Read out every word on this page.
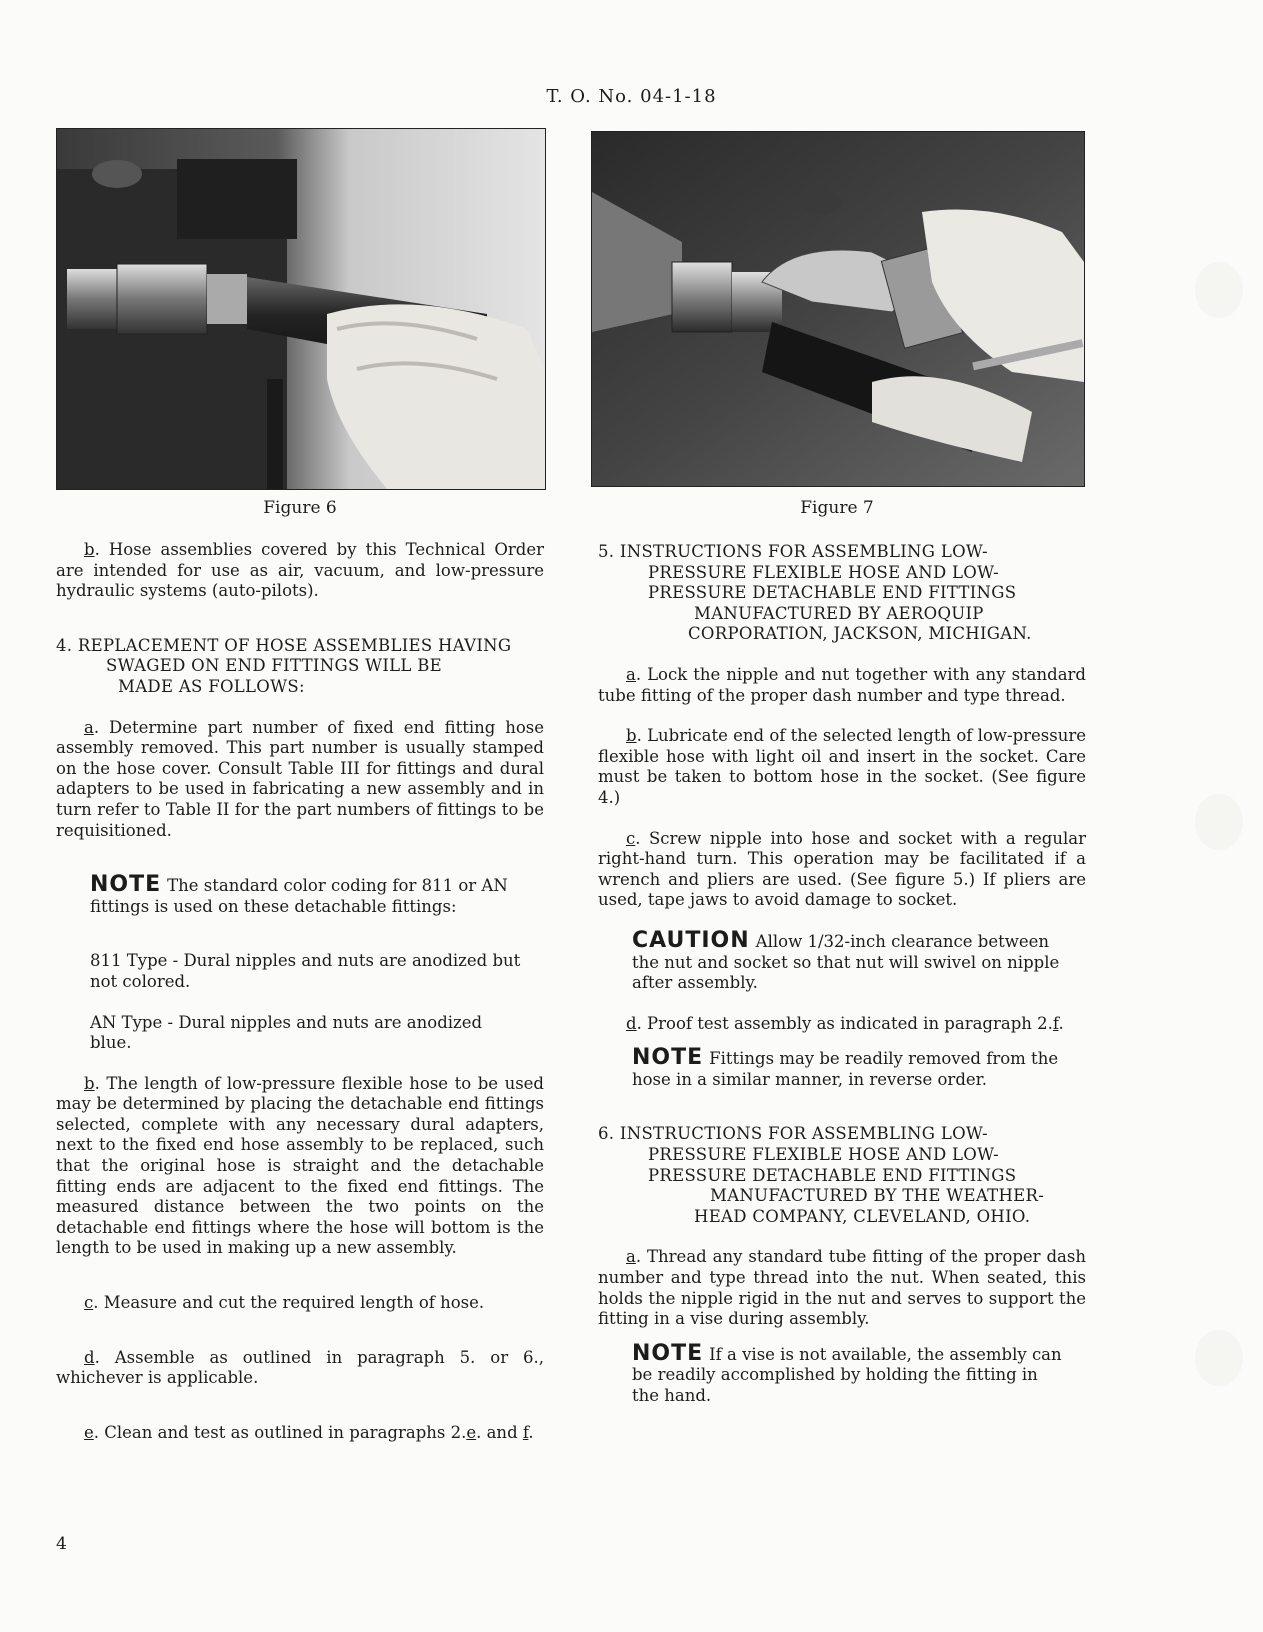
T. O. No. 04-1-18
Figure 6	Figure 7

b. Hose assemblies covered by this Technical Order are intended for use as air, vacuum, and low-pressure hydraulic systems (auto-pilots).

4. REPLACEMENT OF HOSE ASSEMBLIES HAVING
SWAGED ON END FITTINGS WILL BE
MADE AS FOLLOWS:

a. Determine part number of fixed end fitting hose assembly removed. This part number is usually stamped on the hose cover. Consult Table III for fittings and dural adapters to be used in fabricating a new assembly and in turn refer to Table II for the part numbers of fittings to be requisitioned.

NOTE The standard color coding for 811 or AN fittings is used on these detachable fittings:

811 Type - Dural nipples and nuts are anodized but not colored.

AN Type - Dural nipples and nuts are anodized blue.

b. The length of low-pressure flexible hose to be used may be determined by placing the detachable end fittings selected, complete with any necessary dural adapters, next to the fixed end hose assembly to be replaced, such that the original hose is straight and the detachable fitting ends are adjacent to the fixed end fittings. The measured distance between the two points on the detachable end fittings where the hose will bottom is the length to be used in making up a new assembly.

c. Measure and cut the required length of hose.

d. Assemble as outlined in paragraph 5. or 6., whichever is applicable.

e. Clean and test as outlined in paragraphs 2.e. and f.

5. INSTRUCTIONS FOR ASSEMBLING LOW-
PRESSURE FLEXIBLE HOSE AND LOW-
PRESSURE DETACHABLE END FITTINGS
MANUFACTURED BY AEROQUIP
CORPORATION, JACKSON, MICHIGAN.

a. Lock the nipple and nut together with any standard tube fitting of the proper dash number and type thread.

b. Lubricate end of the selected length of low-pressure flexible hose with light oil and insert in the socket. Care must be taken to bottom hose in the socket. (See figure 4.)

c. Screw nipple into hose and socket with a regular right-hand turn. This operation may be facilitated if a wrench and pliers are used. (See figure 5.) If pliers are used, tape jaws to avoid damage to socket.

CAUTION Allow 1/32-inch clearance between the nut and socket so that nut will swivel on nipple after assembly.

d. Proof test assembly as indicated in paragraph 2.f.

NOTE Fittings may be readily removed from the hose in a similar manner, in reverse order.

6. INSTRUCTIONS FOR ASSEMBLING LOW-
PRESSURE FLEXIBLE HOSE AND LOW-
PRESSURE DETACHABLE END FITTINGS
MANUFACTURED BY THE WEATHER-
HEAD COMPANY, CLEVELAND, OHIO.

a. Thread any standard tube fitting of the proper dash number and type thread into the nut. When seated, this holds the nipple rigid in the nut and serves to support the fitting in a vise during assembly.

NOTE If a vise is not available, the assembly can be readily accomplished by holding the fitting in the hand.

4
